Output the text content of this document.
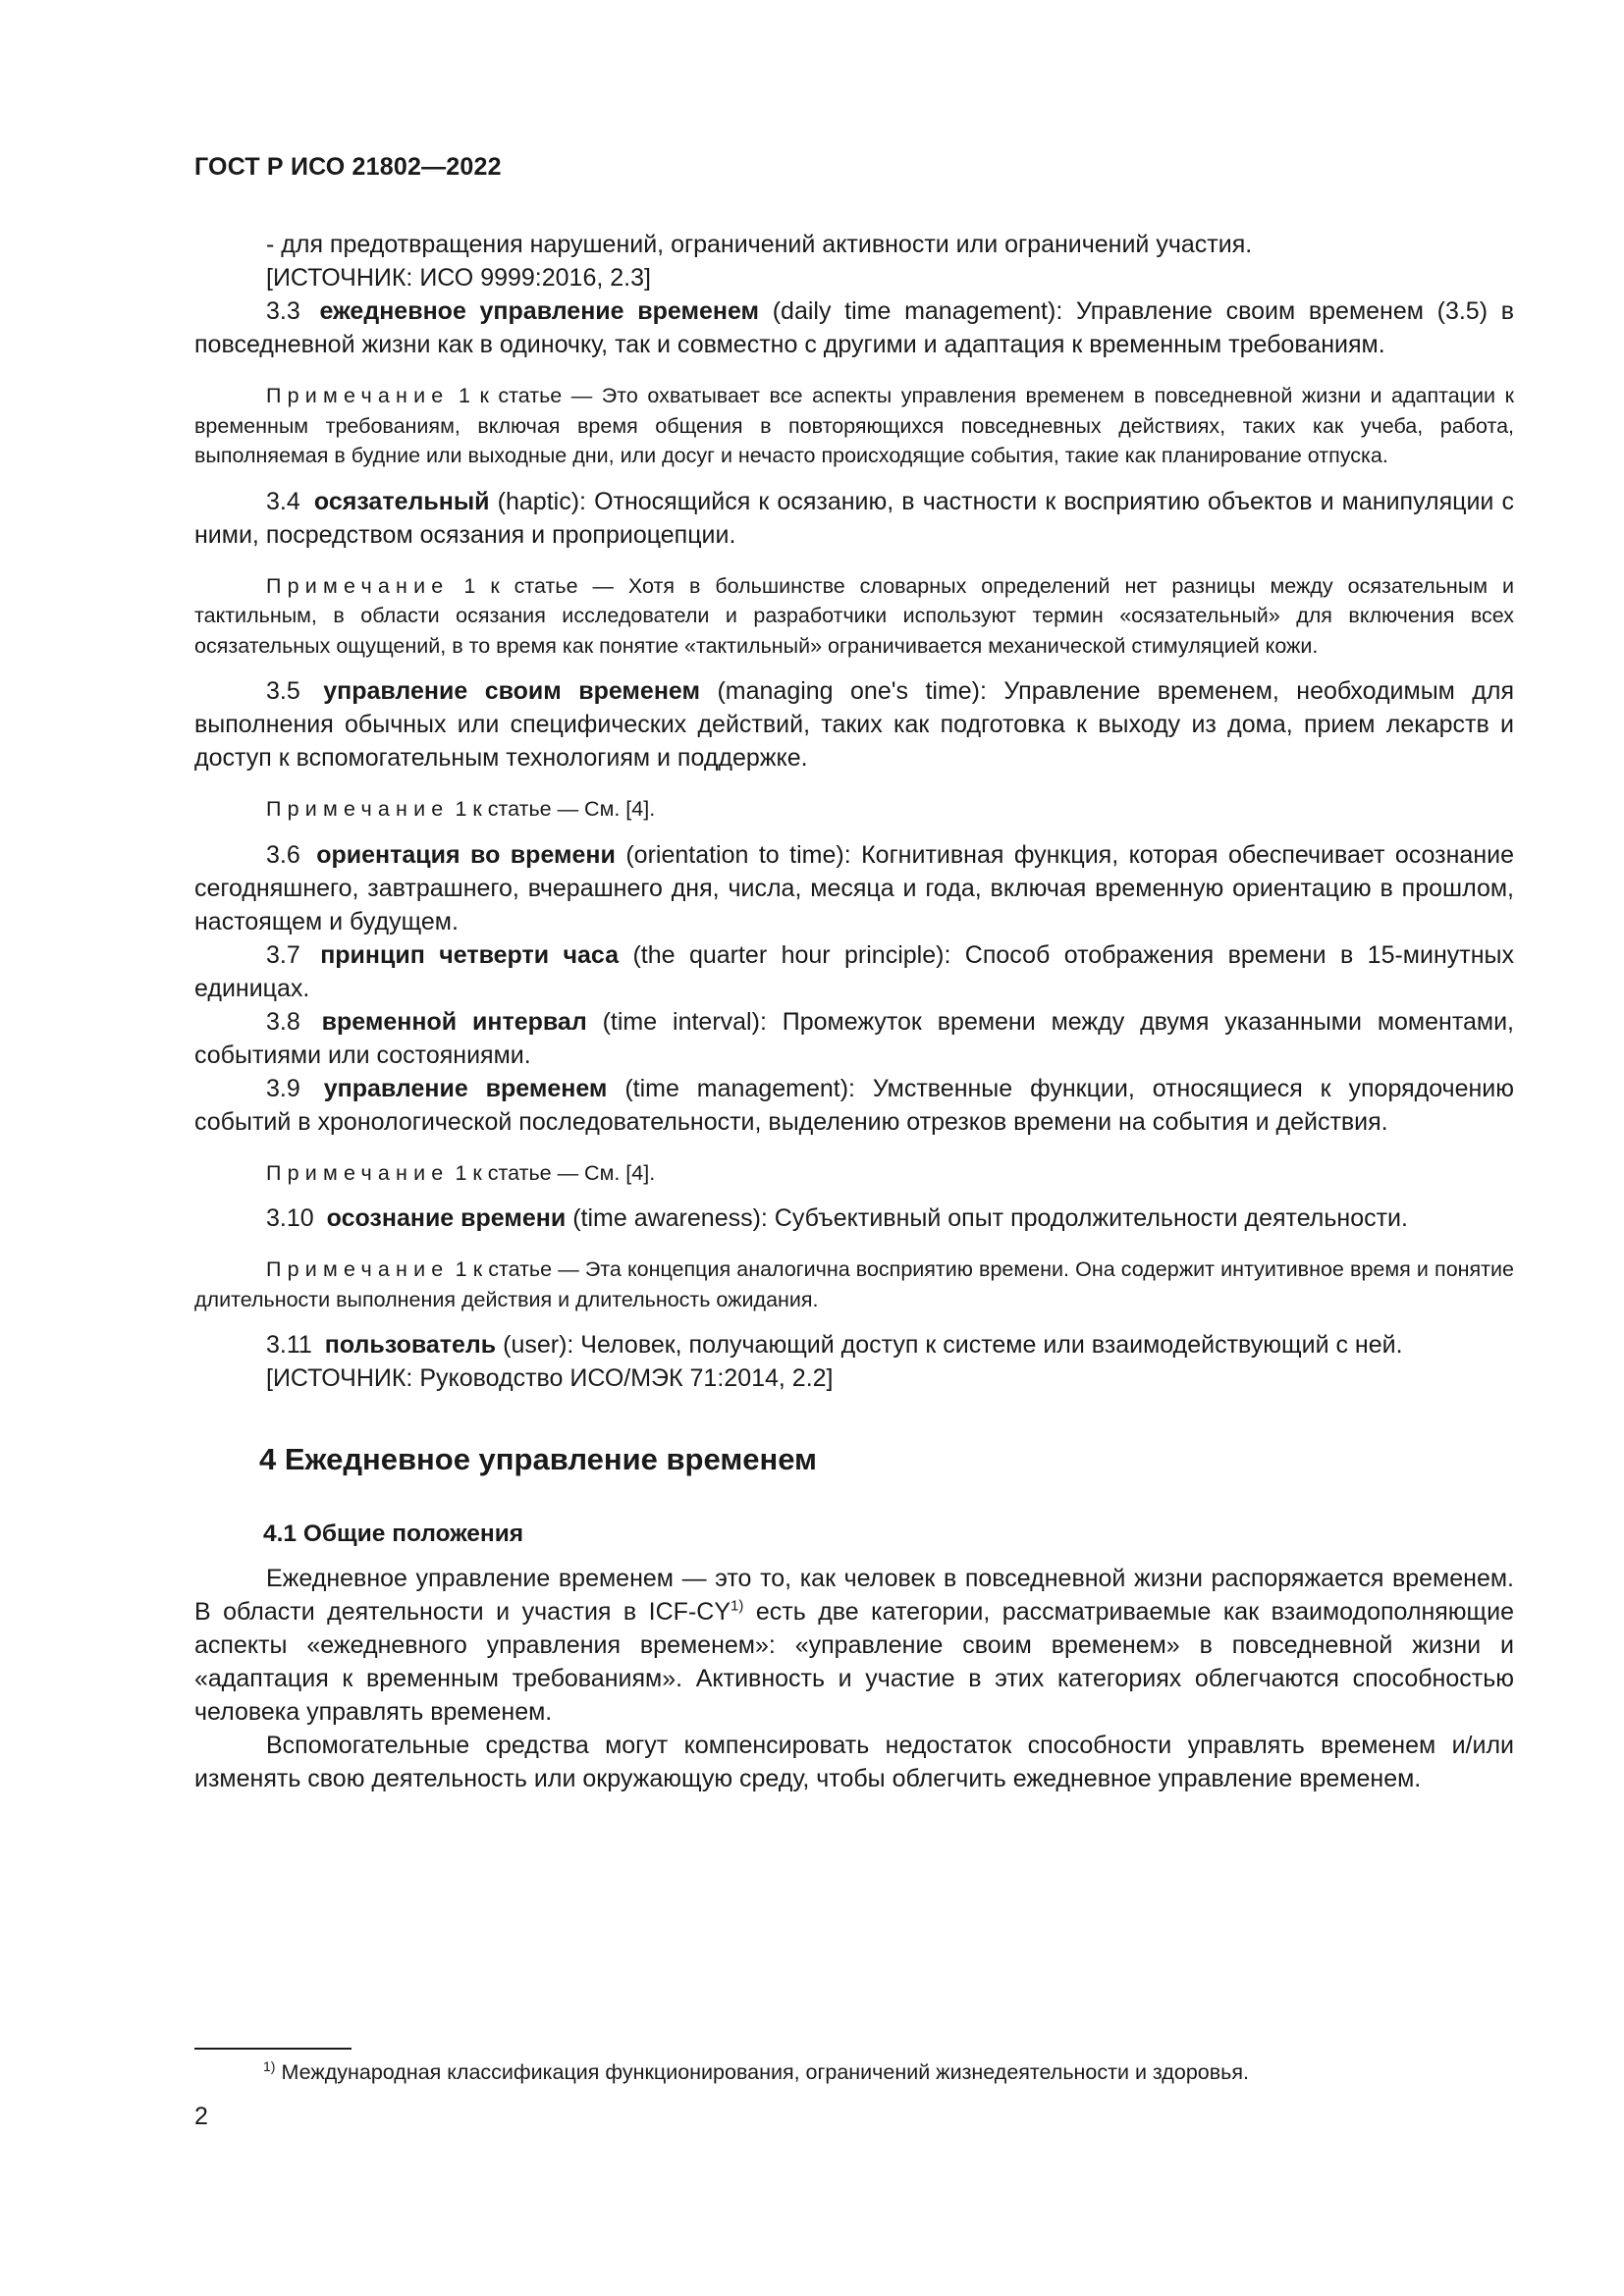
ГОСТ Р ИСО 21802—2022

- для предотвращения нарушений, ограничений активности или ограничений участия.

[ИСТОЧНИК: ИСО 9999:2016, 2.3]

3.3 ежедневное управление временем (daily time management): Управление своим временем (3.5) в повседневной жизни как в одиночку, так и совместно с другими и адаптация к временным требованиям.

Примечание 1 к статье — Это охватывает все аспекты управления временем в повседневной жизни и адаптации к временным требованиям, включая время общения в повторяющихся повседневных действиях, таких как учеба, работа, выполняемая в будние или выходные дни, или досуг и нечасто происходящие события, такие как планирование отпуска.

3.4 осязательный (haptic): Относящийся к осязанию, в частности к восприятию объектов и манипуляции с ними, посредством осязания и проприоцепции.

Примечание 1 к статье — Хотя в большинстве словарных определений нет разницы между осязательным и тактильным, в области осязания исследователи и разработчики используют термин «осязательный» для включения всех осязательных ощущений, в то время как понятие «тактильный» ограничивается механической стимуляцией кожи.

3.5 управление своим временем (managing one's time): Управление временем, необходимым для выполнения обычных или специфических действий, таких как подготовка к выходу из дома, прием лекарств и доступ к вспомогательным технологиям и поддержке.

Примечание 1 к статье — См. [4].

3.6 ориентация во времени (orientation to time): Когнитивная функция, которая обеспечивает осознание сегодняшнего, завтрашнего, вчерашнего дня, числа, месяца и года, включая временную ориентацию в прошлом, настоящем и будущем.

3.7 принцип четверти часа (the quarter hour principle): Способ отображения времени в 15-минутных единицах.

3.8 временной интервал (time interval): Промежуток времени между двумя указанными моментами, событиями или состояниями.

3.9 управление временем (time management): Умственные функции, относящиеся к упорядочению событий в хронологической последовательности, выделению отрезков времени на события и действия.

Примечание 1 к статье — См. [4].

3.10 осознание времени (time awareness): Субъективный опыт продолжительности деятельности.

Примечание 1 к статье — Эта концепция аналогична восприятию времени. Она содержит интуитивное время и понятие длительности выполнения действия и длительность ожидания.

3.11 пользователь (user): Человек, получающий доступ к системе или взаимодействующий с ней.

[ИСТОЧНИК: Руководство ИСО/МЭК 71:2014, 2.2]

4 Ежедневное управление временем
4.1 Общие положения

Ежедневное управление временем — это то, как человек в повседневной жизни распоряжается временем. В области деятельности и участия в ICF-CY$^{1)}$ есть две категории, рассматриваемые как взаимодополняющие аспекты «ежедневного управления временем»: «управление своим временем» в повседневной жизни и «адаптация к временным требованиям». Активность и участие в этих категориях облегчаются способностью человека управлять временем.

Вспомогательные средства могут компенсировать недостаток способности управлять временем и/или изменять свою деятельность или окружающую среду, чтобы облегчить ежедневное управление временем.

$^{1)}$ Международная классификация функционирования, ограничений жизнедеятельности и здоровья.
2
